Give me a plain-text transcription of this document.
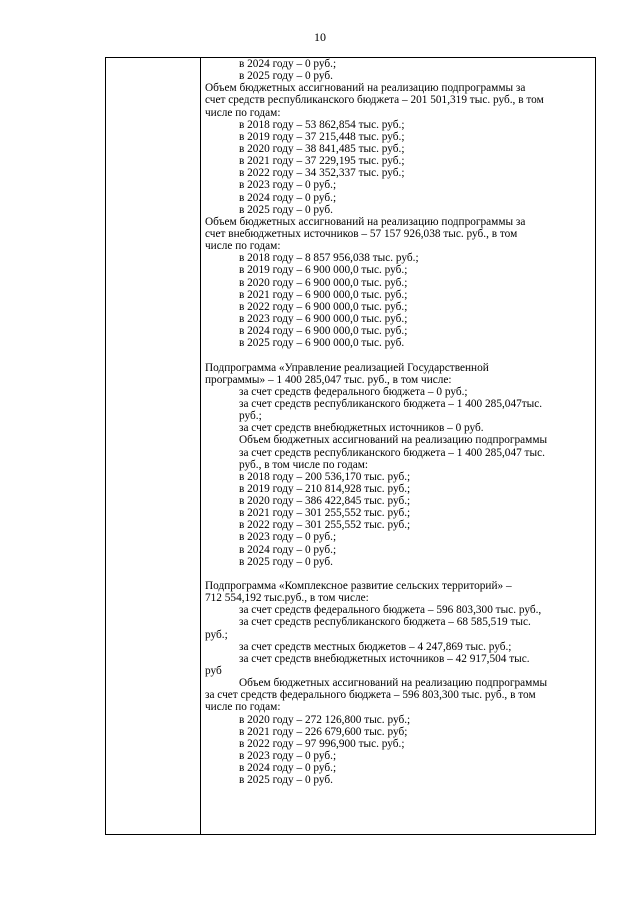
10
в 2024 году – 0 руб.;
в 2025 году – 0 руб.
Объем бюджетных ассигнований на реализацию подпрограммы за
счет средств республиканского бюджета – 201 501,319 тыс. руб., в том
числе по годам:
в 2018 году – 53 862,854 тыс. руб.;
в 2019 году – 37 215,448 тыс. руб.;
в 2020 году – 38 841,485 тыс. руб.;
в 2021 году – 37 229,195 тыс. руб.;
в 2022 году – 34 352,337 тыс. руб.;
в 2023 году – 0 руб.;
в 2024 году – 0 руб.;
в 2025 году – 0 руб.
Объем бюджетных ассигнований на реализацию подпрограммы за
счет внебюджетных источников – 57 157 926,038 тыс. руб., в том
числе по годам:
в 2018 году – 8 857 956,038 тыс. руб.;
в 2019 году – 6 900 000,0 тыс. руб.;
в 2020 году – 6 900 000,0 тыс. руб.;
в 2021 году – 6 900 000,0 тыс. руб.;
в 2022 году – 6 900 000,0 тыс. руб.;
в 2023 году – 6 900 000,0 тыс. руб.;
в 2024 году – 6 900 000,0 тыс. руб.;
в 2025 году – 6 900 000,0 тыс. руб.
Подпрограмма «Управление реализацией Государственной
программы» – 1 400 285,047 тыс. руб., в том числе:
за счет средств федерального бюджета – 0 руб.;
за счет средств республиканского бюджета – 1 400 285,047тыс.
руб.;
за счет средств внебюджетных источников – 0 руб.
Объем бюджетных ассигнований на реализацию подпрограммы
за счет средств республиканского бюджета – 1 400 285,047 тыс.
руб., в том числе по годам:
в 2018 году – 200 536,170 тыс. руб.;
в 2019 году – 210 814,928 тыс. руб.;
в 2020 году – 386 422,845 тыс. руб.;
в 2021 году – 301 255,552 тыс. руб.;
в 2022 году – 301 255,552 тыс. руб.;
в 2023 году – 0 руб.;
в 2024 году – 0 руб.;
в 2025 году – 0 руб.
Подпрограмма «Комплексное развитие сельских территорий» –
712 554,192 тыс.руб., в том числе:
за счет средств федерального бюджета – 596 803,300 тыс. руб.,
за счет средств республиканского бюджета – 68 585,519 тыс.
руб.;
за счет средств местных бюджетов – 4 247,869 тыс. руб.;
за счет средств внебюджетных источников – 42 917,504 тыс.
руб
Объем бюджетных ассигнований на реализацию подпрограммы
за счет средств федерального бюджета – 596 803,300 тыс. руб., в том
числе по годам:
в 2020 году – 272 126,800 тыс. руб.;
в 2021 году – 226 679,600 тыс. руб;
в 2022 году – 97 996,900 тыс. руб.;
в 2023 году – 0 руб.;
в 2024 году – 0 руб.;
в 2025 году – 0 руб.
